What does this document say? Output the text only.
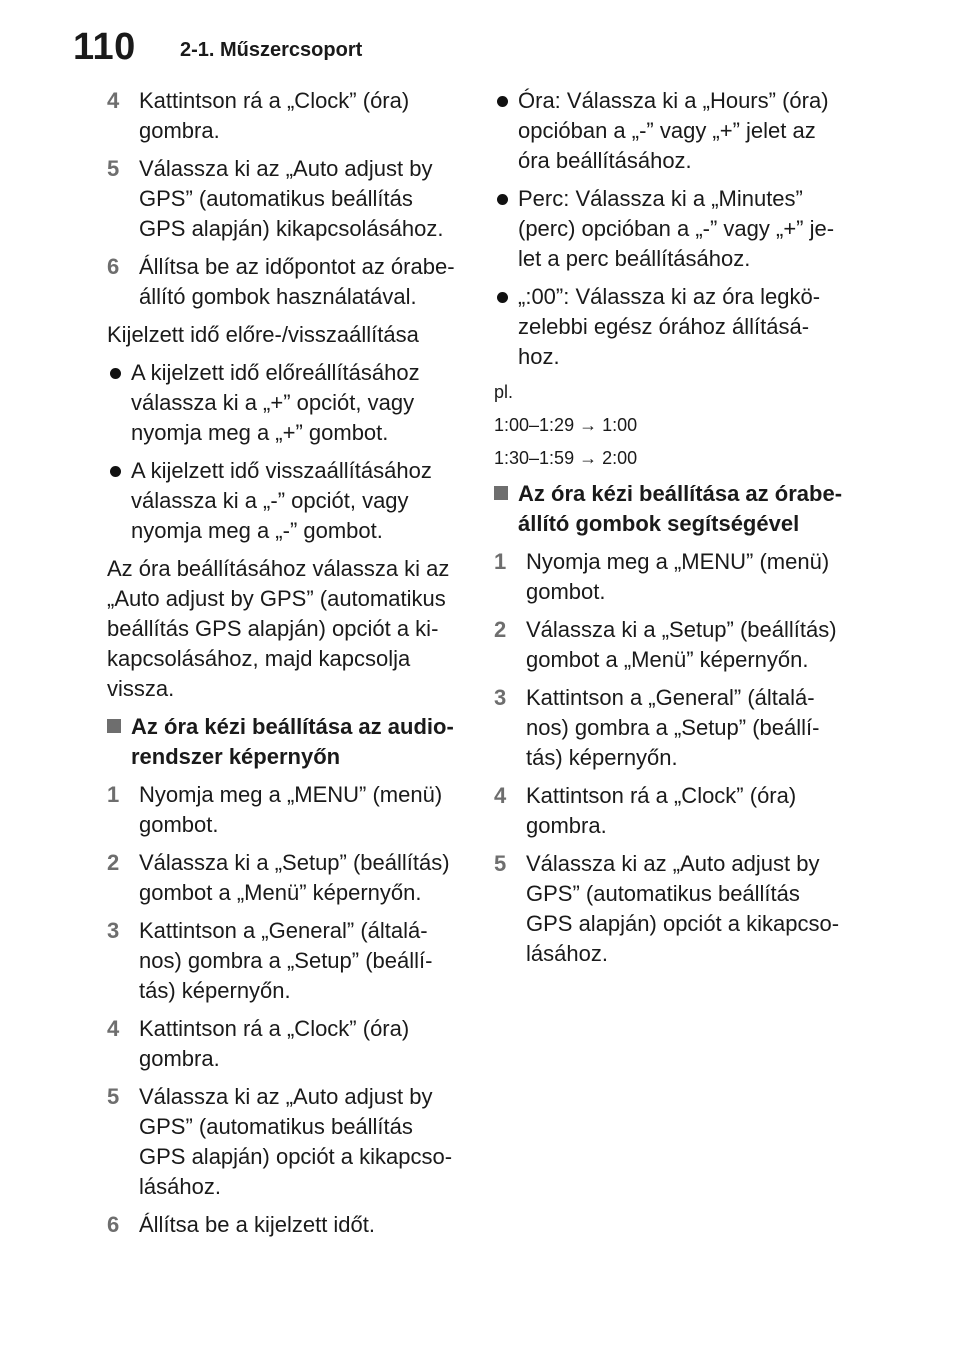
110 2-1. Műszercsoport
4 Kattintson rá a „Clock” (óra) gombra.
5 Válassza ki az „Auto adjust by GPS” (automatikus beállítás GPS alapján) kikapcsolásához.
6 Állítsa be az időpontot az órabe- állító gombok használatával.
Kijelzett idő előre-/visszaállítása
A kijelzett idő előreállításához válassza ki a „+” opciót, vagy nyomja meg a „+” gombot.
A kijelzett idő visszaállításához válassza ki a „-” opciót, vagy nyomja meg a „-” gombot.
Az óra beállításához válassza ki az „Auto adjust by GPS” (automatikus beállítás GPS alapján) opciót a ki- kapcsolásához, majd kapcsolja vissza.
Az óra kézi beállítása az audio- rendszer képernyőn
1 Nyomja meg a „MENU” (menü) gombot.
2 Válassza ki a „Setup” (beállítás) gombot a „Menü” képernyőn.
3 Kattintson a „General” (általá- nos) gombra a „Setup” (beállí- tás) képernyőn.
4 Kattintson rá a „Clock” (óra) gombra.
5 Válassza ki az „Auto adjust by GPS” (automatikus beállítás GPS alapján) opciót a kikapcso- lásához.
6 Állítsa be a kijelzett időt.
Óra: Válassza ki a „Hours” (óra) opcióban a „-” vagy „+” jelet az óra beállításához.
Perc: Válassza ki a „Minutes” (perc) opcióban a „-” vagy „+” je- let a perc beállításához.
„:00”: Válassza ki az óra legkö- zelebbi egész órához állításá- hoz.
pl.
1:00–1:29 → 1:00
1:30–1:59 → 2:00
Az óra kézi beállítása az órabe- állító gombok segítségével
1 Nyomja meg a „MENU” (menü) gombot.
2 Válassza ki a „Setup” (beállítás) gombot a „Menü” képernyőn.
3 Kattintson a „General” (általá- nos) gombra a „Setup” (beállí- tás) képernyőn.
4 Kattintson rá a „Clock” (óra) gombra.
5 Válassza ki az „Auto adjust by GPS” (automatikus beállítás GPS alapján) opciót a kikapcso- lásához.
